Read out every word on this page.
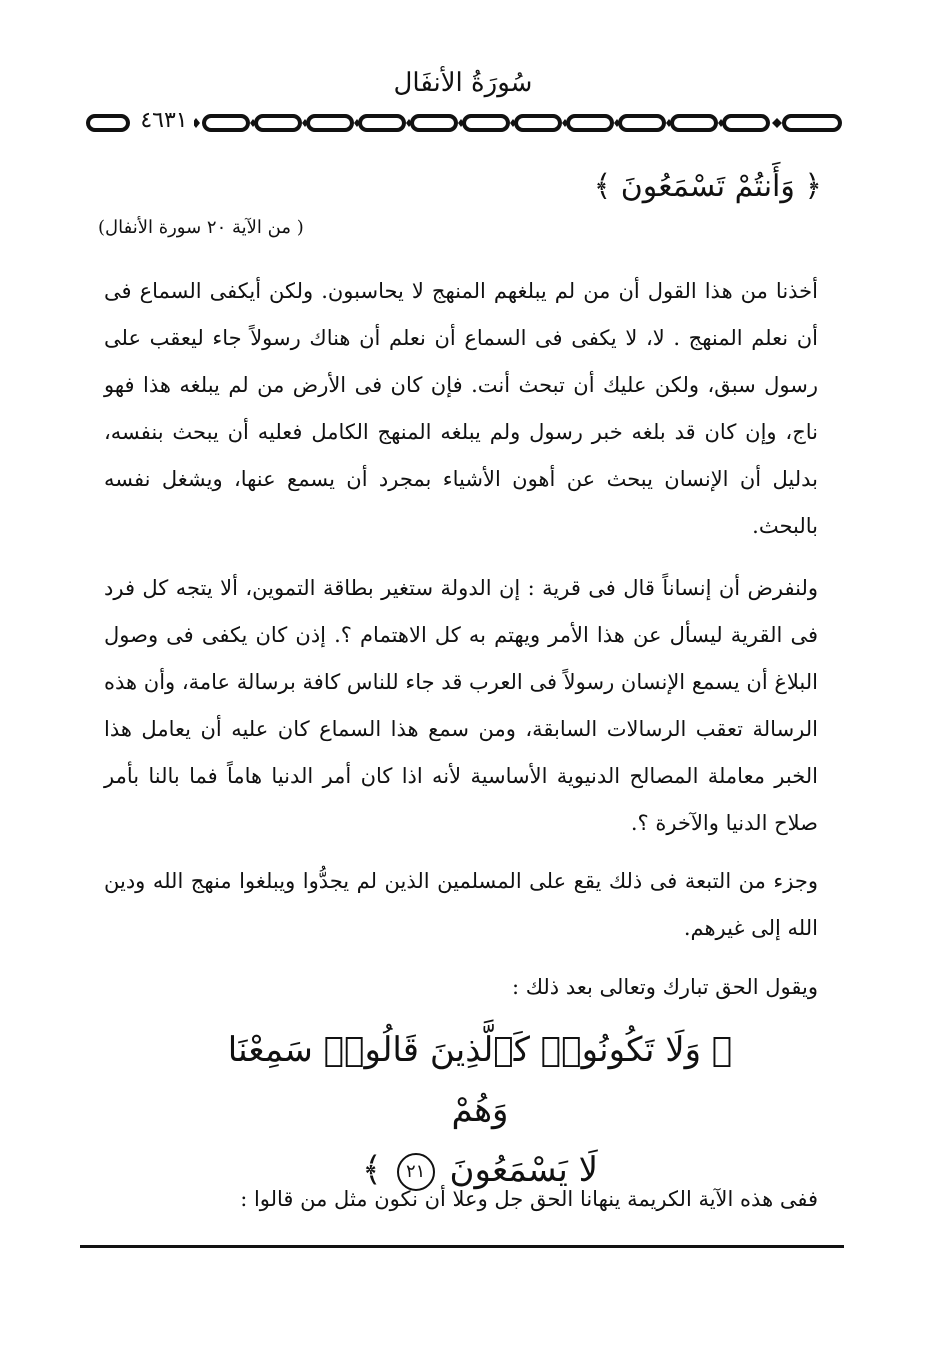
سُورَةُ الأنفَال
٤٦٣١
﴿ وَأَنتُمْ تَسْمَعُونَ ﴾
( من الآية ٢٠ سورة الأنفال)
أخذنا من هذا القول أن من لم يبلغهم المنهج لا يحاسبون. ولكن أيكفى السماع فى أن نعلم المنهج . لا، لا يكفى فى السماع أن نعلم أن هناك رسولاً جاء ليعقب على رسول سبق، ولكن عليك أن تبحث أنت. فإن كان فى الأرض من لم يبلغه هذا فهو ناج، وإن كان قد بلغه خبر رسول ولم يبلغه المنهج الكامل فعليه أن يبحث بنفسه، بدليل أن الإنسان يبحث عن أهون الأشياء بمجرد أن يسمع عنها، ويشغل نفسه بالبحث.
ولنفرض أن إنساناً قال فى قرية : إن الدولة ستغير بطاقة التموين، ألا يتجه كل فرد فى القرية ليسأل عن هذا الأمر ويهتم به كل الاهتمام ؟. إذن كان يكفى فى وصول البلاغ أن يسمع الإنسان رسولاً فى العرب قد جاء للناس كافة برسالة عامة، وأن هذه الرسالة تعقب الرسالات السابقة، ومن سمع هذا السماع كان عليه أن يعامل هذا الخبر معاملة المصالح الدنيوية الأساسية لأنه اذا كان أمر الدنيا هاماً فما بالنا بأمر صلاح الدنيا والآخرة ؟.
وجزء من التبعة فى ذلك يقع على المسلمين الذين لم يجدُّوا ويبلغوا منهج الله ودين الله إلى غيرهم.
ويقول الحق تبارك وتعالى بعد ذلك :
﴿ وَلَا تَكُونُوا۟ كَٱلَّذِينَ قَالُوا۟ سَمِعْنَا وَهُمْ
لَا يَسْمَعُونَ ٢١ ﴾
ففى هذه الآية الكريمة ينهانا الحق جل وعلا أن نكون مثل من قالوا :
